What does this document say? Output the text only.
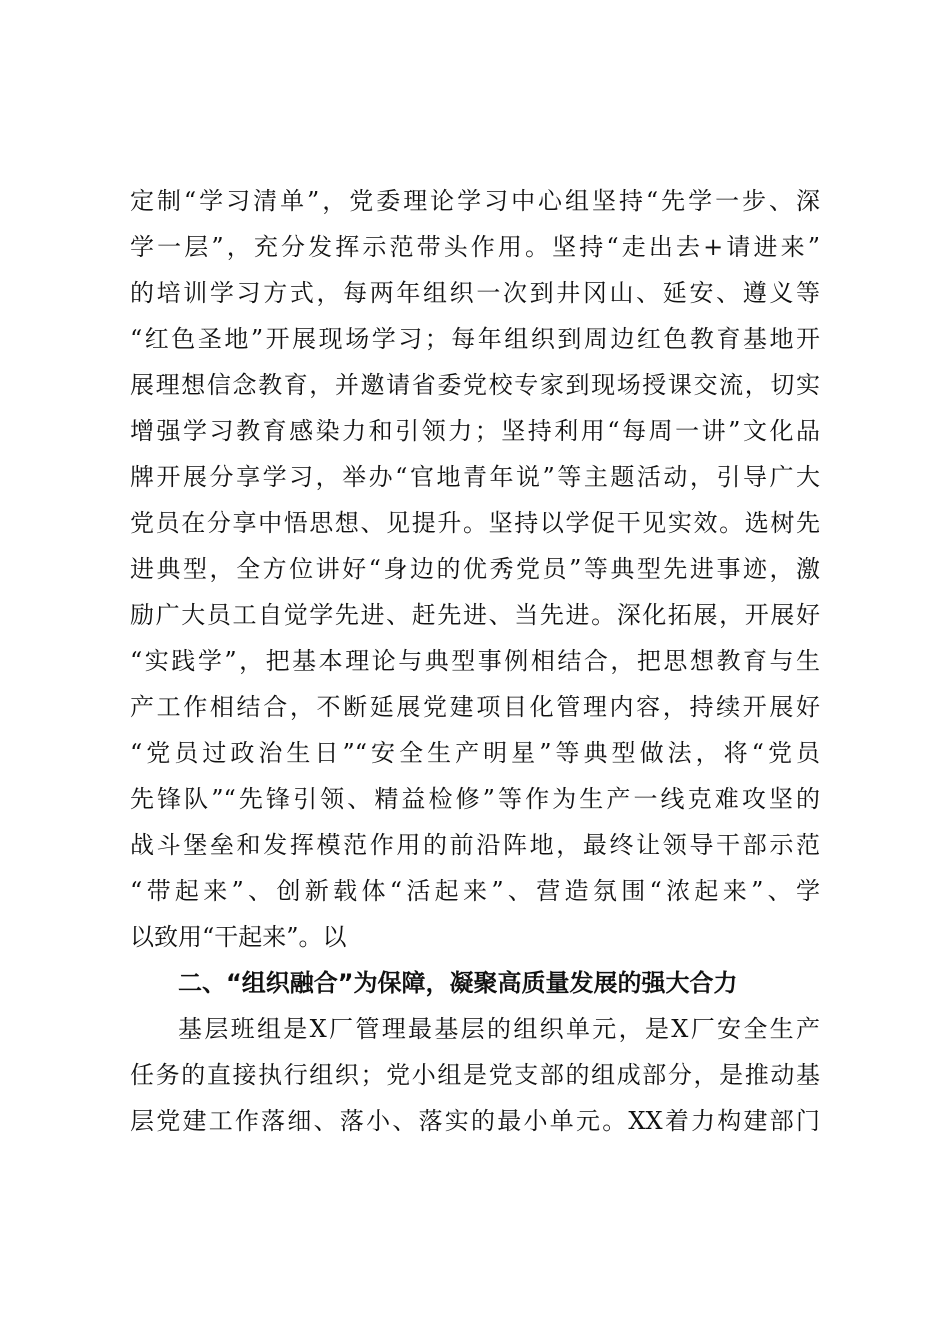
定制“学习清单”，党委理论学习中心组坚持“先学一步、深
学一层”，充分发挥示范带头作用。坚持“走出去+请进来”
的培训学习方式，每两年组织一次到井冈山、延安、遵义等
“红色圣地”开展现场学习；每年组织到周边红色教育基地开
展理想信念教育，并邀请省委党校专家到现场授课交流，切实
增强学习教育感染力和引领力；坚持利用“每周一讲”文化品
牌开展分享学习，举办“官地青年说”等主题活动，引导广大
党员在分享中悟思想、见提升。坚持以学促干见实效。选树先
进典型，全方位讲好“身边的优秀党员”等典型先进事迹，激
励广大员工自觉学先进、赶先进、当先进。深化拓展，开展好
“实践学”，把基本理论与典型事例相结合，把思想教育与生
产工作相结合，不断延展党建项目化管理内容，持续开展好
“党员过政治生日”“安全生产明星”等典型做法，将“党员
先锋队”“先锋引领、精益检修”等作为生产一线克难攻坚的
战斗堡垒和发挥模范作用的前沿阵地，最终让领导干部示范
“带起来”、创新载体“活起来”、营造氛围“浓起来”、学
以致用“干起来”。以
二、“组织融合”为保障，凝聚高质量发展的强大合力
基层班组是X厂管理最基层的组织单元，是X厂安全生产
任务的直接执行组织；党小组是党支部的组成部分，是推动基
层党建工作落细、落小、落实的最小单元。XX着力构建部门
